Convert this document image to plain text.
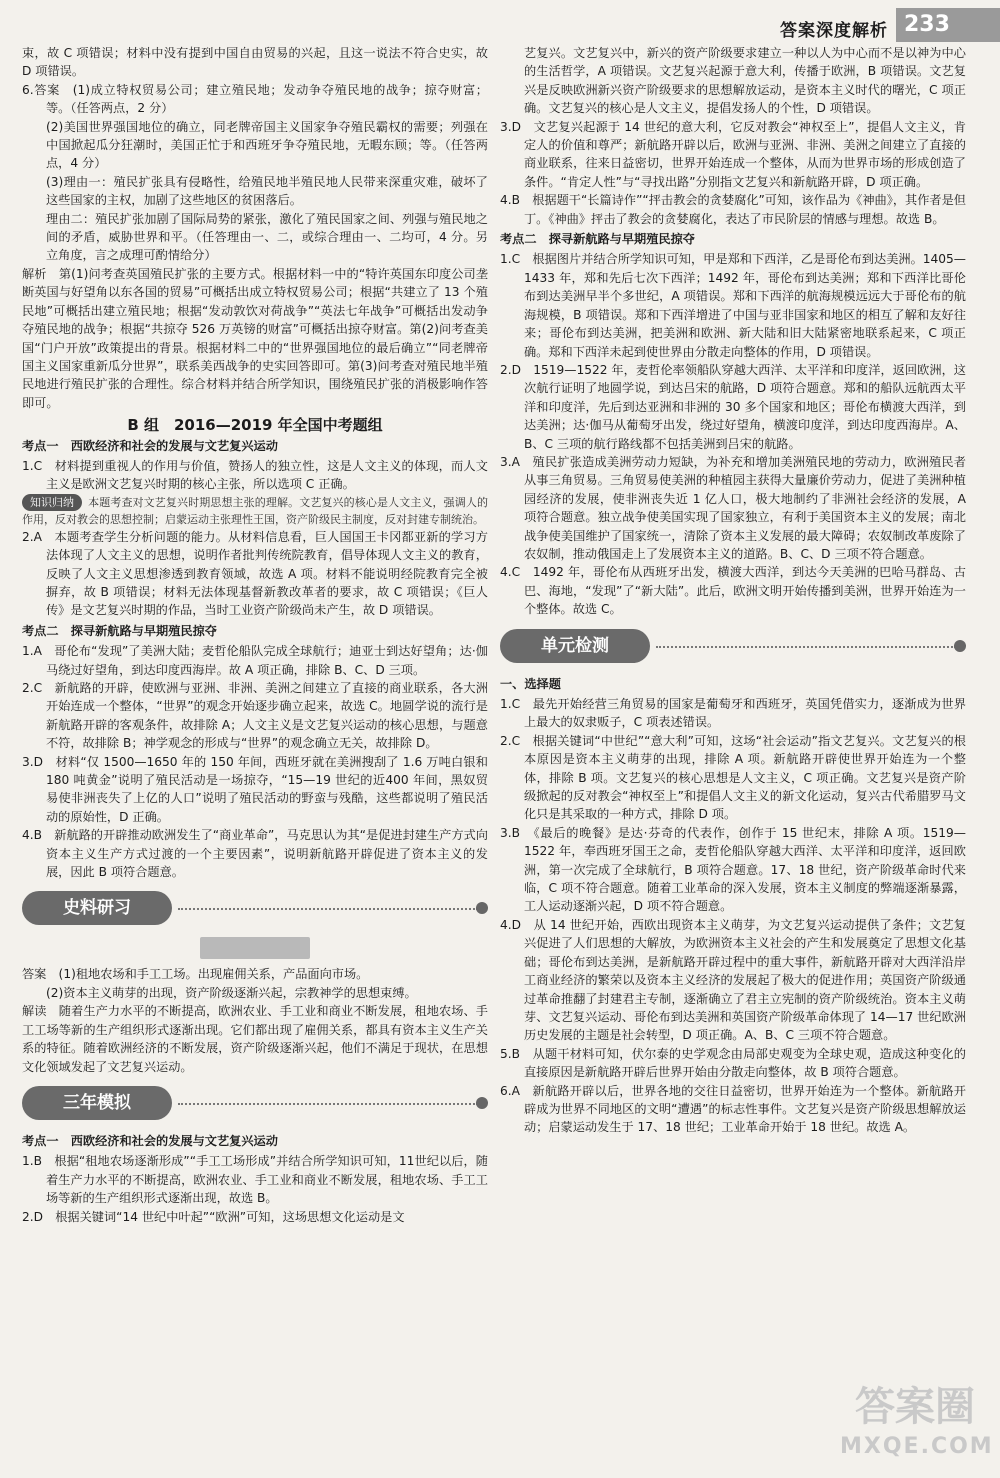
答案深度解析 233

束，故 C 项错误；材料中没有提到中国自由贸易的兴起，且这一说法不符合史实，故 D 项错误。

6.答案　(1)成立特权贸易公司；建立殖民地；发动争夺殖民地的战争；掠夺财富；等。（任答两点，2 分）

(2)美国世界强国地位的确立，同老牌帝国主义国家争夺殖民霸权的需要；列强在中国掀起瓜分狂潮时，美国正忙于和西班牙争夺殖民地，无暇东顾；等。（任答两点，4 分）

(3)理由一：殖民扩张具有侵略性，给殖民地半殖民地人民带来深重灾难，破坏了这些国家的主权，加剧了这些地区的贫困落后。

理由二：殖民扩张加剧了国际局势的紧张，激化了殖民国家之间、列强与殖民地之间的矛盾，威胁世界和平。（任答理由一、二，或综合理由一、二均可，4 分。另立角度，言之成理可酌情给分）

解析　第(1)问考查英国殖民扩张的主要方式。根据材料一中的“特许英国东印度公司垄断英国与好望角以东各国的贸易”可概括出成立特权贸易公司；根据“共建立了 13 个殖民地”可概括出建立殖民地；根据“发动敦饮对荷战争”“英法七年战争”可概括出发动争夺殖民地的战争；根据“共掠夺 526 万英镑的财富”可概括出掠夺财富。第(2)问考查美国“门户开放”政策提出的背景。根据材料二中的“世界强国地位的最后确立”“同老牌帝国主义国家重新瓜分世界”，联系美西战争的史实回答即可。第(3)问考查对殖民地半殖民地进行殖民扩张的合理性。综合材料并结合所学知识，围绕殖民扩张的消极影响作答即可。

B 组　2016—2019 年全国中考题组
考点一　西欧经济和社会的发展与文艺复兴运动

1.C　材料提到重视人的作用与价值，赞扬人的独立性，这是人文主义的体现，而人文主义是欧洲文艺复兴时期的核心主张，所以选项 C 正确。

知识归纳 本题考查对文艺复兴时期思想主张的理解。文艺复兴的核心是人文主义，强调人的作用，反对教会的思想控制；启蒙运动主张理性王国，资产阶级民主制度，反对封建专制统治。

2.A　本题考查学生分析问题的能力。从材料信息看，巨人国国王卡冈都亚新的学习方法体现了人文主义的思想，说明作者批判传统院教育，倡导体现人文主义的教育，反映了人文主义思想渗透到教育领域，故选 A 项。材料不能说明经院教育完全被摒弃，故 B 项错误；材料无法体现基督新教改革者的要求，故 C 项错误；《巨人传》是文艺复兴时期的作品，当时工业资产阶级尚未产生，故 D 项错误。

考点二　探寻新航路与早期殖民掠夺

1.A　哥伦布“发现”了美洲大陆；麦哲伦船队完成全球航行；迪亚士到达好望角；达·伽马绕过好望角，到达印度西海岸。故 A 项正确，排除 B、C、D 三项。

2.C　新航路的开辟，使欧洲与亚洲、非洲、美洲之间建立了直接的商业联系，各大洲开始连成一个整体，“世界”的观念开始逐步确立起来，故选 C。地圆学说的流行是新航路开辟的客观条件，故排除 A；人文主义是文艺复兴运动的核心思想，与题意不符，故排除 B；神学观念的形成与“世界”的观念确立无关，故排除 D。

3.D　材料“仅 1500—1650 年的 150 年间，西班牙就在美洲搜刮了 1.6 万吨白银和 180 吨黄金”说明了殖民活动是一场掠夺，“15—19 世纪的近400 年间，黑奴贸易使非洲丧失了上亿的人口”说明了殖民活动的野蛮与残酷，这些都说明了殖民活动的原始性，D 正确。

4.B　新航路的开辟推动欧洲发生了“商业革命”，马克思认为其“是促进封建生产方式向资本主义生产方式过渡的一个主要因素”，说明新航路开辟促进了资本主义的发展，因此 B 项符合题意。

史料研习

答案　(1)租地农场和手工工场。出现雇佣关系，产品面向市场。

(2)资本主义萌芽的出现，资产阶级逐渐兴起，宗教神学的思想束缚。

解读　随着生产力水平的不断提高，欧洲农业、手工业和商业不断发展，租地农场、手工工场等新的生产组织形式逐渐出现。它们都出现了雇佣关系，都具有资本主义生产关系的特征。随着欧洲经济的不断发展，资产阶级逐渐兴起，他们不满足于现状，在思想文化领域发起了文艺复兴运动。

三年模拟
考点一　西欧经济和社会的发展与文艺复兴运动

1.B　根据“租地农场逐渐形成”“手工工场形成”并结合所学知识可知，11世纪以后，随着生产力水平的不断提高，欧洲农业、手工业和商业不断发展，租地农场、手工工场等新的生产组织形式逐渐出现，故选 B。

2.D　根据关键词“14 世纪中叶起”“欧洲”可知，这场思想文化运动是文

艺复兴。文艺复兴中，新兴的资产阶级要求建立一种以人为中心而不是以神为中心的生活哲学，A 项错误。文艺复兴起源于意大利，传播于欧洲，B 项错误。文艺复兴是反映欧洲新兴资产阶级要求的思想解放运动，是资本主义时代的曙光，C 项正确。文艺复兴的核心是人文主义，提倡发扬人的个性，D 项错误。

3.D　文艺复兴起源于 14 世纪的意大利，它反对教会“神权至上”，提倡人文主义，肯定人的价值和尊严；新航路开辟以后，欧洲与亚洲、非洲、美洲之间建立了直接的商业联系，往来日益密切，世界开始连成一个整体，从而为世界市场的形成创造了条件。“肯定人性”与“寻找出路”分别指文艺复兴和新航路开辟，D 项正确。

4.B　根据题干“长篇诗作”“抨击教会的贪婪腐化”可知，该作品为《神曲》，其作者是但丁。《神曲》抨击了教会的贪婪腐化，表达了市民阶层的情感与理想。故选 B。

考点二　探寻新航路与早期殖民掠夺

1.C　根据图片并结合所学知识可知，甲是郑和下西洋，乙是哥伦布到达美洲。1405—1433 年，郑和先后七次下西洋；1492 年，哥伦布到达美洲；郑和下西洋比哥伦布到达美洲早半个多世纪，A 项错误。郑和下西洋的航海规模远远大于哥伦布的航海规模，B 项错误。郑和下西洋增进了中国与亚非国家和地区的相互了解和友好往来；哥伦布到达美洲，把美洲和欧洲、新大陆和旧大陆紧密地联系起来，C 项正确。郑和下西洋未起到使世界由分散走向整体的作用，D 项错误。

2.D　1519—1522 年，麦哲伦率领船队穿越大西洋、太平洋和印度洋，返回欧洲，这次航行证明了地圆学说，到达吕宋的航路，D 项符合题意。郑和的船队远航西太平洋和印度洋，先后到达亚洲和非洲的 30 多个国家和地区；哥伦布横渡大西洋，到达美洲；达·伽马从葡萄牙出发，绕过好望角，横渡印度洋，到达印度西海岸。A、B、C 三项的航行路线都不包括美洲到吕宋的航路。

3.A　殖民扩张造成美洲劳动力短缺，为补充和增加美洲殖民地的劳动力，欧洲殖民者从事三角贸易。三角贸易使美洲的种植园主获得大量廉价劳动力，促进了美洲种植园经济的发展，使非洲丧失近 1 亿人口，极大地制约了非洲社会经济的发展，A 项符合题意。独立战争使美国实现了国家独立，有利于美国资本主义的发展；南北战争使美国维护了国家统一，清除了资本主义发展的最大障碍；农奴制改革废除了农奴制，推动俄国走上了发展资本主义的道路。B、C、D 三项不符合题意。

4.C　1492 年，哥伦布从西班牙出发，横渡大西洋，到达今天美洲的巴哈马群岛、古巴、海地，“发现”了“新大陆”。此后，欧洲文明开始传播到美洲，世界开始连为一个整体。故选 C。

单元检测
一、选择题

1.C　最先开始经营三角贸易的国家是葡萄牙和西班牙，英国凭借实力，逐渐成为世界上最大的奴隶贩子，C 项表述错误。

2.C　根据关键词“中世纪”“意大利”可知，这场“社会运动”指文艺复兴。文艺复兴的根本原因是资本主义萌芽的出现，排除 A 项。新航路开辟使世界开始连为一个整体，排除 B 项。文艺复兴的核心思想是人文主义，C 项正确。文艺复兴是资产阶级掀起的反对教会“神权至上”和提倡人文主义的新文化运动，复兴古代希腊罗马文化只是其采取的一种方式，排除 D 项。

3.B　《最后的晚餐》是达·芬奇的代表作，创作于 15 世纪末，排除 A 项。1519—1522 年，奉西班牙国王之命，麦哲伦船队穿越大西洋、太平洋和印度洋，返回欧洲，第一次完成了全球航行，B 项符合题意。17、18 世纪，资产阶级革命时代来临，C 项不符合题意。随着工业革命的深入发展，资本主义制度的弊端逐渐暴露，工人运动逐渐兴起，D 项不符合题意。

4.D　从 14 世纪开始，西欧出现资本主义萌芽，为文艺复兴运动提供了条件；文艺复兴促进了人们思想的大解放，为欧洲资本主义社会的产生和发展奠定了思想文化基础；哥伦布到达美洲，是新航路开辟过程中的重大事件，新航路开辟对大西洋沿岸工商业经济的繁荣以及资本主义经济的发展起了极大的促进作用；英国资产阶级通过革命推翻了封建君主专制，逐渐确立了君主立宪制的资产阶级统治。资本主义萌芽、文艺复兴运动、哥伦布到达美洲和英国资产阶级革命体现了 14—17 世纪欧洲历史发展的主题是社会转型，D 项正确。A、B、C 三项不符合题意。

5.B　从题干材料可知，伏尔泰的史学观念由局部史观变为全球史观，造成这种变化的直接原因是新航路开辟后世界开始由分散走向整体，故 B 项符合题意。

6.A　新航路开辟以后，世界各地的交往日益密切，世界开始连为一个整体。新航路开辟成为世界不同地区的文明“遭遇”的标志性事件。文艺复兴是资产阶级思想解放运动；启蒙运动发生于 17、18 世纪；工业革命开始于 18 世纪。故选 A。

答案圈
MXQE.COM
